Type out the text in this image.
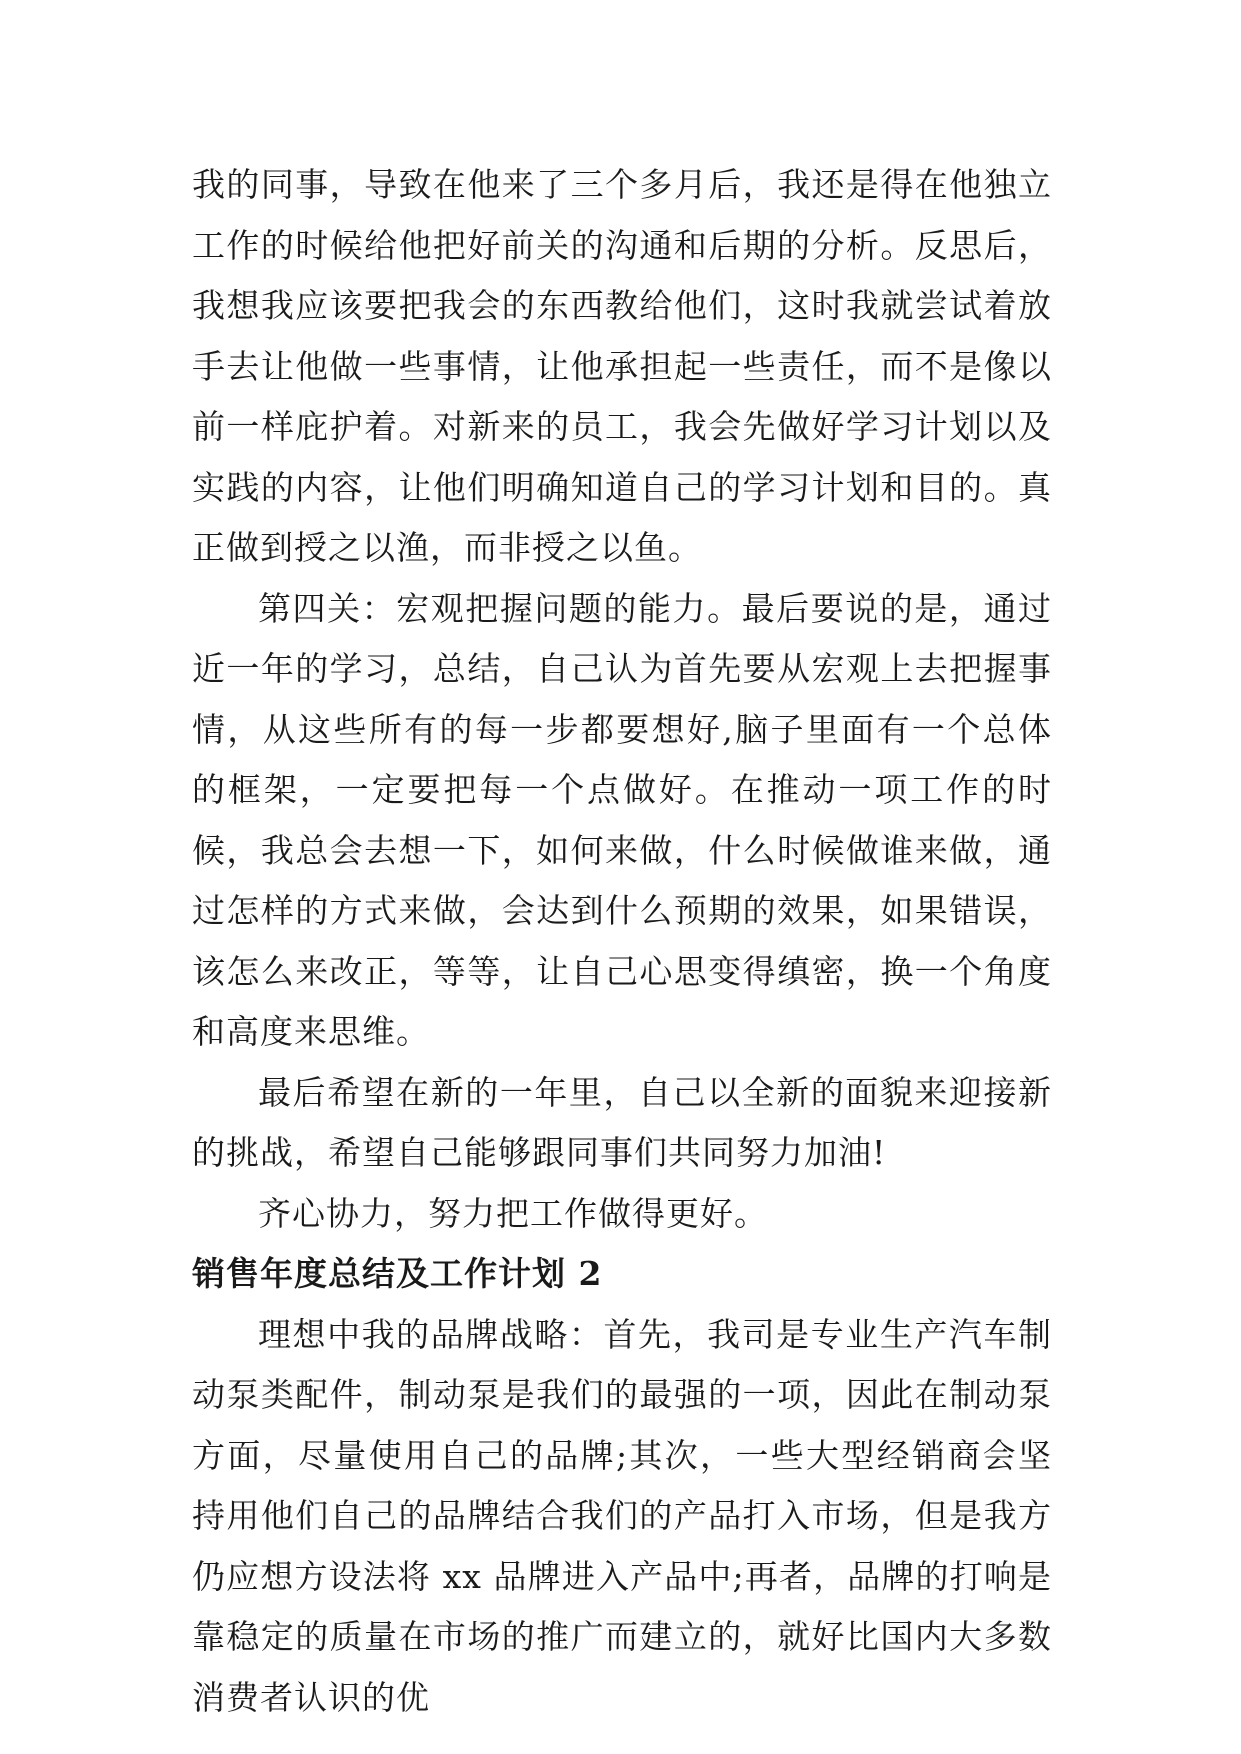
我的同事，导致在他来了三个多月后，我还是得在他独立工作的时候给他把好前关的沟通和后期的分析。反思后，我想我应该要把我会的东西教给他们，这时我就尝试着放手去让他做一些事情，让他承担起一些责任，而不是像以前一样庇护着。对新来的员工，我会先做好学习计划以及实践的内容，让他们明确知道自己的学习计划和目的。真正做到授之以渔，而非授之以鱼。

第四关：宏观把握问题的能力。最后要说的是，通过近一年的学习，总结，自己认为首先要从宏观上去把握事情，从这些所有的每一步都要想好,脑子里面有一个总体的框架，一定要把每一个点做好。在推动一项工作的时候，我总会去想一下，如何来做，什么时候做谁来做，通过怎样的方式来做，会达到什么预期的效果，如果错误，该怎么来改正，等等，让自己心思变得缜密，换一个角度和高度来思维。

最后希望在新的一年里，自己以全新的面貌来迎接新的挑战，希望自己能够跟同事们共同努力加油!

齐心协力，努力把工作做得更好。

销售年度总结及工作计划 2

理想中我的品牌战略：首先，我司是专业生产汽车制动泵类配件，制动泵是我们的最强的一项，因此在制动泵方面，尽量使用自己的品牌;其次，一些大型经销商会坚持用他们自己的品牌结合我们的产品打入市场，但是我方仍应想方设法将 xx 品牌进入产品中;再者，品牌的打响是靠稳定的质量在市场的推广而建立的，就好比国内大多数消费者认识的优
